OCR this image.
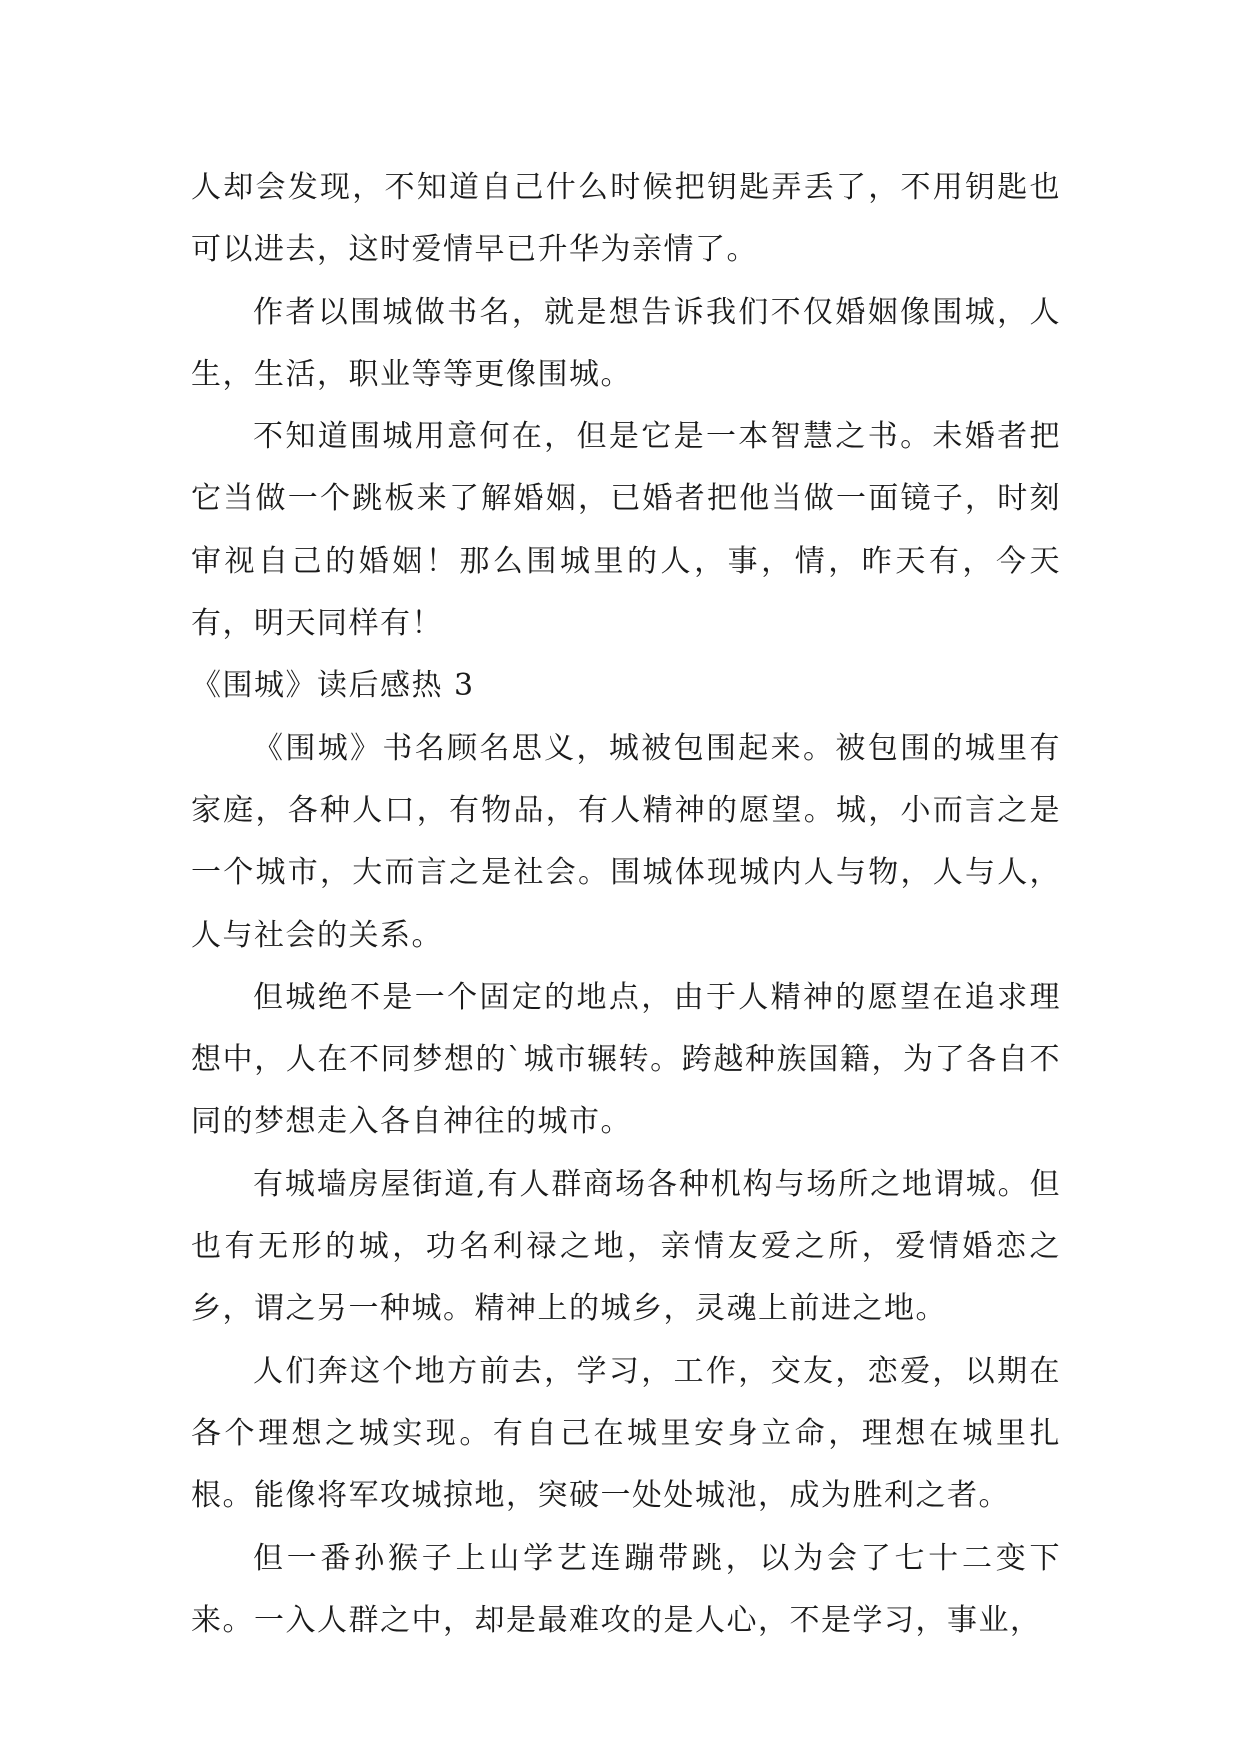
人却会发现，不知道自己什么时候把钥匙弄丢了，不用钥匙也可以进去，这时爱情早已升华为亲情了。

作者以围城做书名，就是想告诉我们不仅婚姻像围城，人生，生活，职业等等更像围城。

不知道围城用意何在，但是它是一本智慧之书。未婚者把它当做一个跳板来了解婚姻，已婚者把他当做一面镜子，时刻审视自己的婚姻！那么围城里的人，事，情，昨天有，今天有，明天同样有！

《围城》读后感热 3

《围城》书名顾名思义，城被包围起来。被包围的城里有家庭，各种人口，有物品，有人精神的愿望。城，小而言之是一个城市，大而言之是社会。围城体现城内人与物，人与人，人与社会的关系。

但城绝不是一个固定的地点，由于人精神的愿望在追求理想中，人在不同梦想的`城市辗转。跨越种族国籍，为了各自不同的梦想走入各自神往的城市。

有城墙房屋街道,有人群商场各种机构与场所之地谓城。但也有无形的城，功名利禄之地，亲情友爱之所，爱情婚恋之乡，谓之另一种城。精神上的城乡，灵魂上前进之地。

人们奔这个地方前去，学习，工作，交友，恋爱，以期在各个理想之城实现。有自己在城里安身立命，理想在城里扎根。能像将军攻城掠地，突破一处处城池，成为胜利之者。

但一番孙猴子上山学艺连蹦带跳，以为会了七十二变下来。一入人群之中，却是最难攻的是人心，不是学习，事业，
